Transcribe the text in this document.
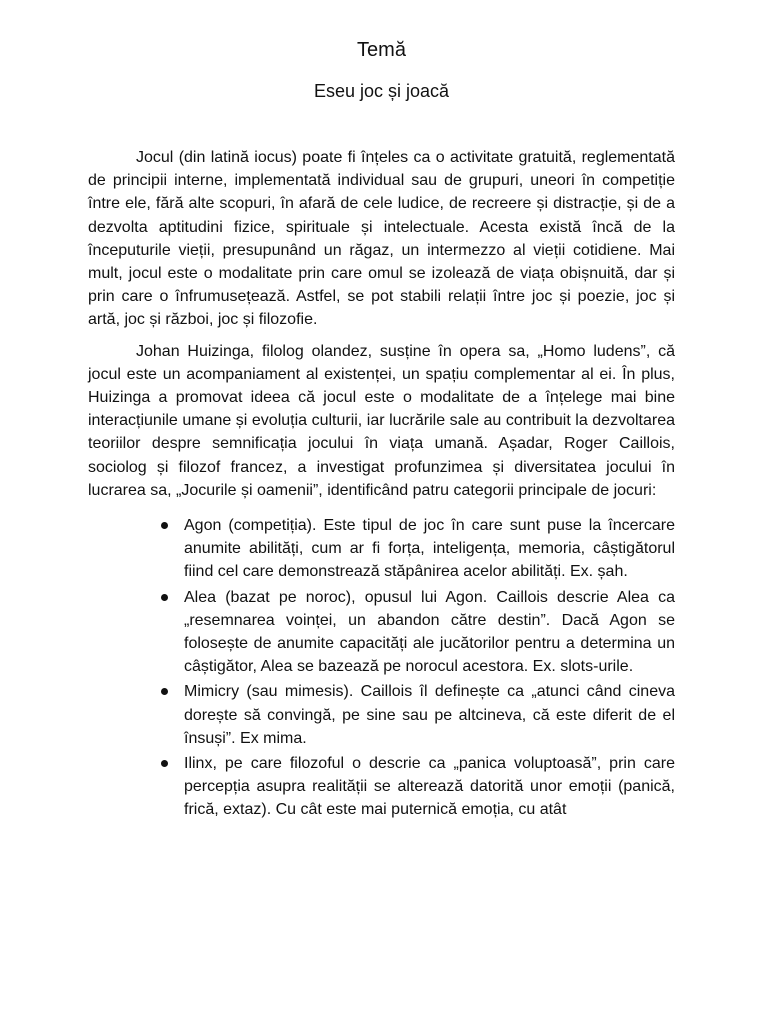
Temă
Eseu joc și joacă

Jocul (din latină iocus) poate fi înțeles ca o activitate gratuită, reglementată de principii interne, implementată individual sau de grupuri, uneori în competiție între ele, fără alte scopuri, în afară de cele ludice, de recreere și distracție, și de a dezvolta aptitudini fizice, spirituale și intelectuale. Acesta există încă de la începuturile vieții, presupunând un răgaz, un intermezzo al vieții cotidiene. Mai mult, jocul este o modalitate prin care omul se izolează de viața obișnuită, dar și prin care o înfrumusețează. Astfel, se pot stabili relații între joc și poezie, joc și artă, joc și război, joc și filozofie.

Johan Huizinga, filolog olandez, susține în opera sa, „Homo ludens”, că jocul este un acompaniament al existenței, un spațiu complementar al ei. În plus, Huizinga a promovat ideea că jocul este o modalitate de a înțelege mai bine interacțiunile umane și evoluția culturii, iar lucrările sale au contribuit la dezvoltarea teoriilor despre semnificația jocului în viața umană. Așadar, Roger Caillois, sociolog și filozof francez, a investigat profunzimea și diversitatea jocului în lucrarea sa, „Jocurile și oamenii”, identificând patru categorii principale de jocuri:

Agon (competiția). Este tipul de joc în care sunt puse la încercare anumite abilități, cum ar fi forța, inteligența, memoria, câștigătorul fiind cel care demonstrează stăpânirea acelor abilități. Ex. șah.
Alea (bazat pe noroc), opusul lui Agon. Caillois descrie Alea ca „resemnarea voinței, un abandon către destin”. Dacă Agon se folosește de anumite capacități ale jucătorilor pentru a determina un câștigător, Alea se bazează pe norocul acestora. Ex. slots-urile.
Mimicry (sau mimesis). Caillois îl definește ca „atunci când cineva dorește să convingă, pe sine sau pe altcineva, că este diferit de el însuși”. Ex mima.
Ilinx, pe care filozoful o descrie ca „panica voluptoasă”, prin care percepția asupra realității se alterează datorită unor emoții (panică, frică, extaz). Cu cât este mai puternică emoția, cu atât
